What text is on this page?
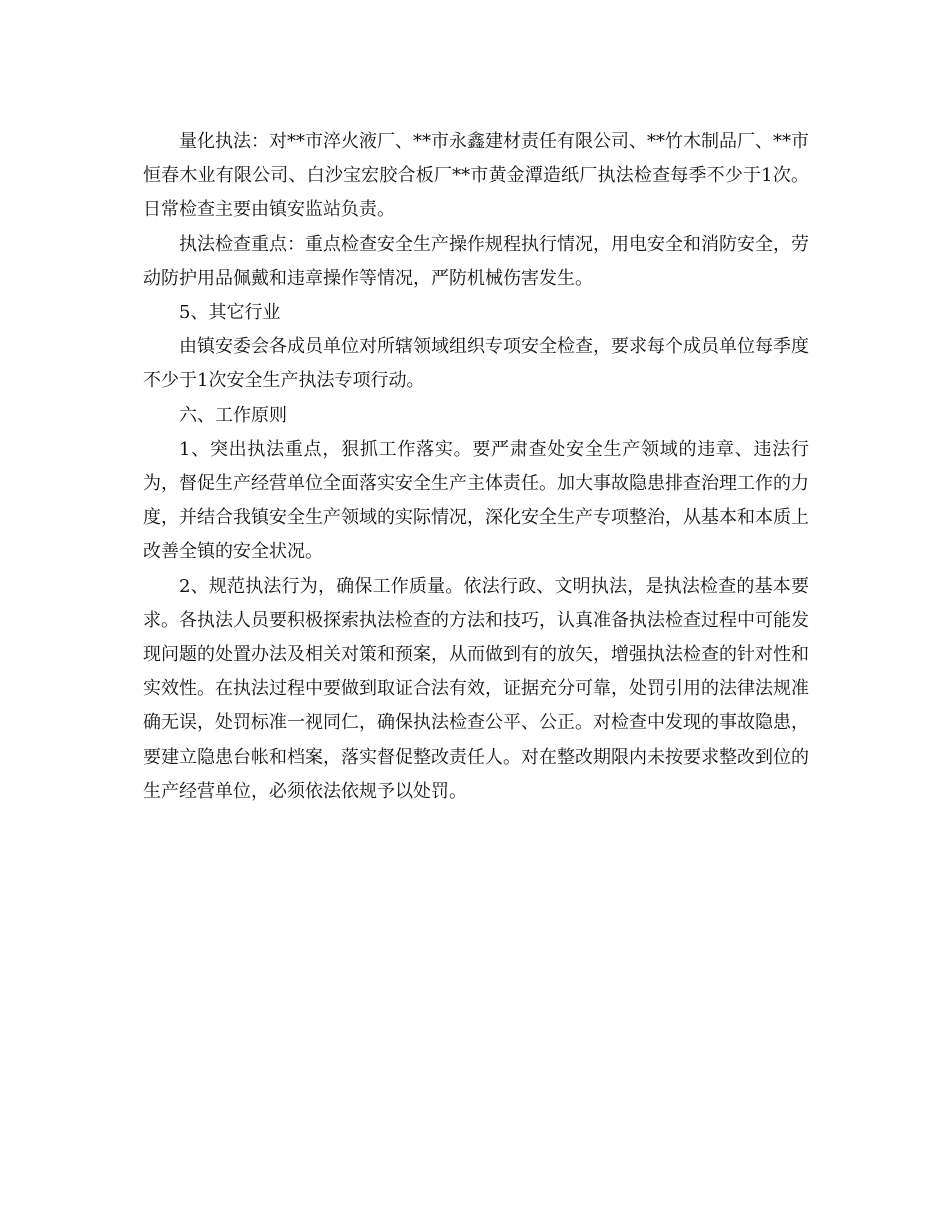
量化执法：对**市淬火液厂、**市永鑫建材责任有限公司、**竹木制品厂、**市恒春木业有限公司、白沙宝宏胶合板厂**市黄金潭造纸厂执法检查每季不少于1次。日常检查主要由镇安监站负责。

执法检查重点：重点检查安全生产操作规程执行情况，用电安全和消防安全，劳动防护用品佩戴和违章操作等情况，严防机械伤害发生。

5、其它行业

由镇安委会各成员单位对所辖领域组织专项安全检查，要求每个成员单位每季度不少于1次安全生产执法专项行动。

六、工作原则

1、突出执法重点，狠抓工作落实。要严肃查处安全生产领域的违章、违法行为，督促生产经营单位全面落实安全生产主体责任。加大事故隐患排查治理工作的力度，并结合我镇安全生产领域的实际情况，深化安全生产专项整治，从基本和本质上改善全镇的安全状况。

2、规范执法行为，确保工作质量。依法行政、文明执法，是执法检查的基本要求。各执法人员要积极探索执法检查的方法和技巧，认真准备执法检查过程中可能发现问题的处置办法及相关对策和预案，从而做到有的放矢，增强执法检查的针对性和实效性。在执法过程中要做到取证合法有效，证据充分可靠，处罚引用的法律法规准确无误，处罚标准一视同仁，确保执法检查公平、公正。对检查中发现的事故隐患，要建立隐患台帐和档案，落实督促整改责任人。对在整改期限内未按要求整改到位的生产经营单位，必须依法依规予以处罚。
